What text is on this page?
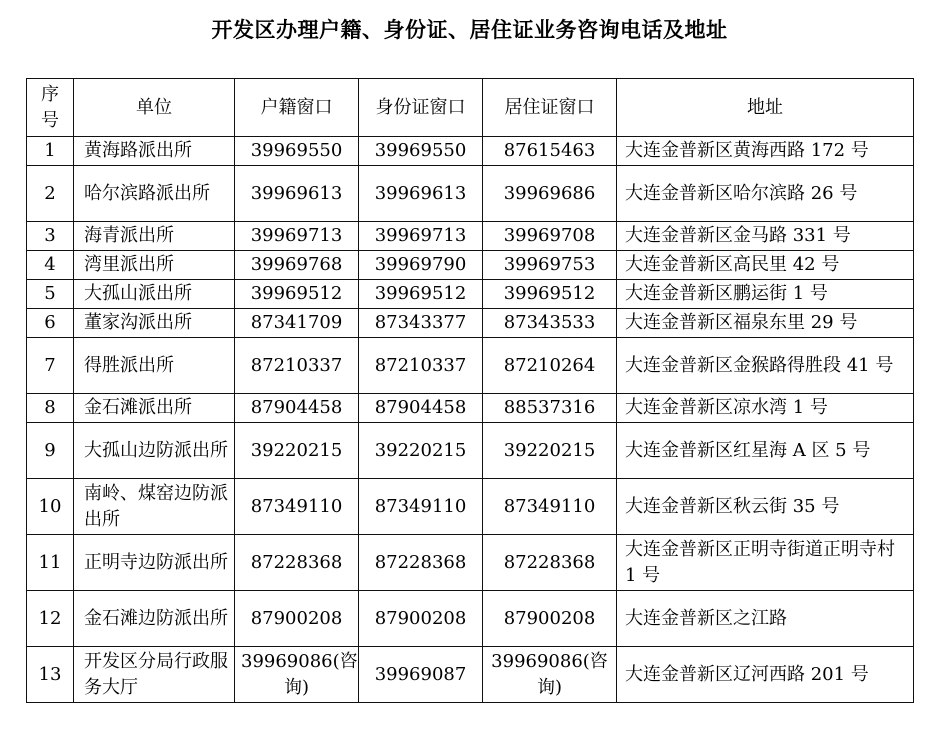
开发区办理户籍、身份证、居住证业务咨询电话及地址
序号	单位	户籍窗口	身份证窗口	居住证窗口	地址
1	黄海路派出所	39969550	39969550	87615463	大连金普新区黄海西路 172 号
2	哈尔滨路派出所	39969613	39969613	39969686	大连金普新区哈尔滨路 26 号
3	海青派出所	39969713	39969713	39969708	大连金普新区金马路 331 号
4	湾里派出所	39969768	39969790	39969753	大连金普新区高民里 42 号
5	大孤山派出所	39969512	39969512	39969512	大连金普新区鹏运街 1 号
6	董家沟派出所	87341709	87343377	87343533	大连金普新区福泉东里 29 号
7	得胜派出所	87210337	87210337	87210264	大连金普新区金猴路得胜段 41 号
8	金石滩派出所	87904458	87904458	88537316	大连金普新区凉水湾 1 号
9	大孤山边防派出所	39220215	39220215	39220215	大连金普新区红星海 A 区 5 号
10	南岭、煤窑边防派出所	87349110	87349110	87349110	大连金普新区秋云街 35 号
11	正明寺边防派出所	87228368	87228368	87228368	大连金普新区正明寺街道正明寺村 1 号
12	金石滩边防派出所	87900208	87900208	87900208	大连金普新区之江路
13	开发区分局行政服务大厅	39969086(咨询)	39969087	39969086(咨询)	大连金普新区辽河西路 201 号
